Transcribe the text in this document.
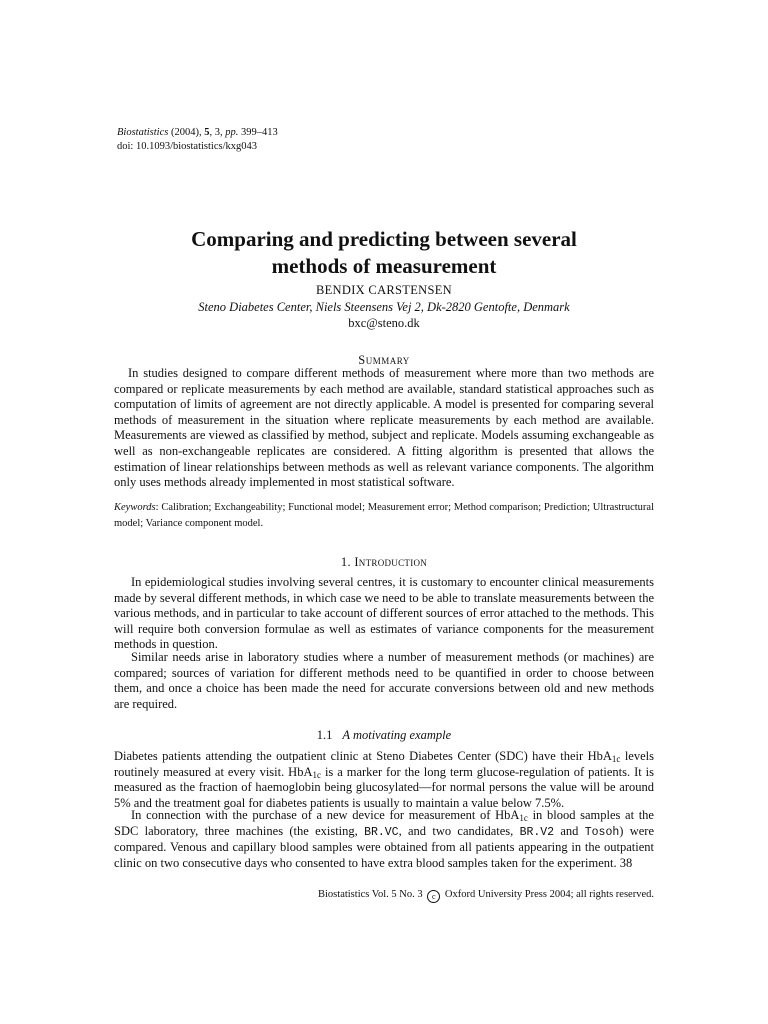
Biostatistics (2004), 5, 3, pp. 399–413
doi: 10.1093/biostatistics/kxg043
Comparing and predicting between several
methods of measurement
BENDIX CARSTENSEN
Steno Diabetes Center, Niels Steensens Vej 2, Dk-2820 Gentofte, Denmark
bxc@steno.dk
Summary

In studies designed to compare different methods of measurement where more than two methods are compared or replicate measurements by each method are available, standard statistical approaches such as computation of limits of agreement are not directly applicable. A model is presented for comparing several methods of measurement in the situation where replicate measurements by each method are available. Measurements are viewed as classified by method, subject and replicate. Models assuming exchangeable as well as non-exchangeable replicates are considered. A fitting algorithm is presented that allows the estimation of linear relationships between methods as well as relevant variance components. The algorithm only uses methods already implemented in most statistical software.

Keywords: Calibration; Exchangeability; Functional model; Measurement error; Method comparison; Prediction; Ultrastructural model; Variance component model.

1. Introduction

In epidemiological studies involving several centres, it is customary to encounter clinical measurements made by several different methods, in which case we need to be able to translate measurements between the various methods, and in particular to take account of different sources of error attached to the methods. This will require both conversion formulae as well as estimates of variance components for the measurement methods in question.

Similar needs arise in laboratory studies where a number of measurement methods (or machines) are compared; sources of variation for different methods need to be quantified in order to choose between them, and once a choice has been made the need for accurate conversions between old and new methods are required.

1.1 A motivating example

Diabetes patients attending the outpatient clinic at Steno Diabetes Center (SDC) have their HbA$_{1c}$ levels routinely measured at every visit. HbA$_{1c}$ is a marker for the long term glucose-regulation of patients. It is measured as the fraction of haemoglobin being glucosylated—for normal persons the value will be around 5% and the treatment goal for diabetes patients is usually to maintain a value below 7.5%.

In connection with the purchase of a new device for measurement of HbA$_{1c}$ in blood samples at the SDC laboratory, three machines (the existing, BR.VC, and two candidates, BR.V2 and Tosoh) were compared. Venous and capillary blood samples were obtained from all patients appearing in the outpatient clinic on two consecutive days who consented to have extra blood samples taken for the experiment. 38

Biostatistics Vol. 5 No. 3 c Oxford University Press 2004; all rights reserved.
